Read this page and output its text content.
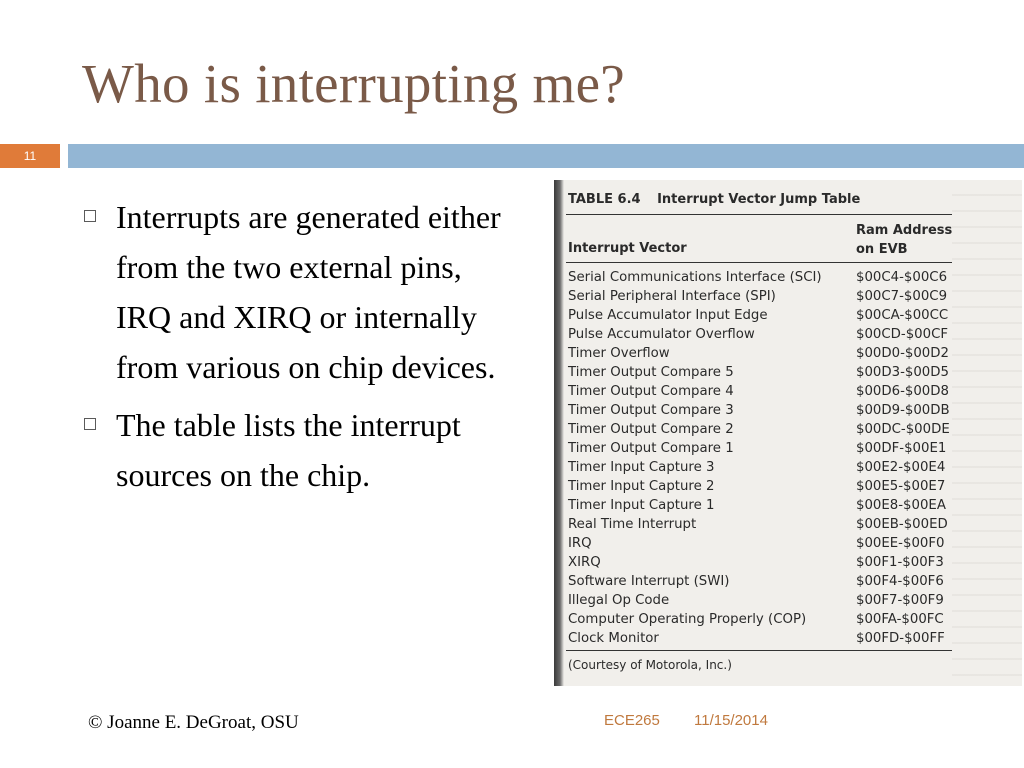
Who is interrupting me?
11
Interrupts are generated either from the two external pins, IRQ and XIRQ or internally from various on chip devices.
The table lists the interrupt sources on the chip.
TABLE 6.4 Interrupt Vector Jump Table
Interrupt Vector
Ram Address on EVB
Serial Communications Interface (SCI)	$00C4-$00C6
Serial Peripheral Interface (SPI)	$00C7-$00C9
Pulse Accumulator Input Edge	$00CA-$00CC
Pulse Accumulator Overflow	$00CD-$00CF
Timer Overflow	$00D0-$00D2
Timer Output Compare 5	$00D3-$00D5
Timer Output Compare 4	$00D6-$00D8
Timer Output Compare 3	$00D9-$00DB
Timer Output Compare 2	$00DC-$00DE
Timer Output Compare 1	$00DF-$00E1
Timer Input Capture 3	$00E2-$00E4
Timer Input Capture 2	$00E5-$00E7
Timer Input Capture 1	$00E8-$00EA
Real Time Interrupt	$00EB-$00ED
IRQ	$00EE-$00F0
XIRQ	$00F1-$00F3
Software Interrupt (SWI)	$00F4-$00F6
Illegal Op Code	$00F7-$00F9
Computer Operating Properly (COP)	$00FA-$00FC
Clock Monitor	$00FD-$00FF
(Courtesy of Motorola, Inc.)
© Joanne E. DeGroat, OSU	ECE265 11/15/2014
